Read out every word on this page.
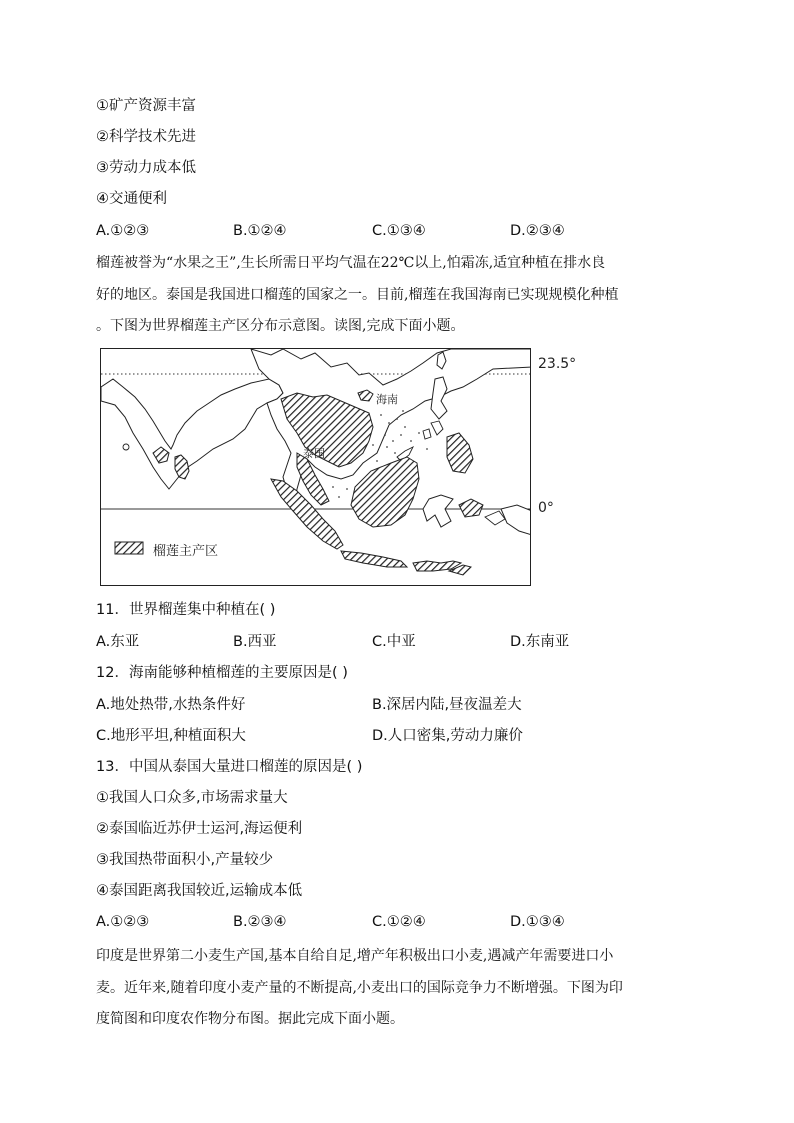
①矿产资源丰富
②科学技术先进
③劳动力成本低
④交通便利
A.①②③	B.①②④	C.①③④	D.②③④
榴莲被誉为“水果之王”,生长所需日平均气温在22℃以上,怕霜冻,适宜种植在排水良
好的地区。泰国是我国进口榴莲的国家之一。目前,榴莲在我国海南已实现规模化种植
。下图为世界榴莲主产区分布示意图。读图,完成下面小题。
榴莲主产区
海南
泰国
23.5°
0°
11．世界榴莲集中种植在( )
A.东亚	B.西亚	C.中亚	D.东南亚
12．海南能够种植榴莲的主要原因是( )
A.地处热带,水热条件好	B.深居内陆,昼夜温差大
C.地形平坦,种植面积大	D.人口密集,劳动力廉价
13．中国从泰国大量进口榴莲的原因是( )
①我国人口众多,市场需求量大
②泰国临近苏伊士运河,海运便利
③我国热带面积小,产量较少
④泰国距离我国较近,运输成本低
A.①②③	B.②③④	C.①②④	D.①③④
印度是世界第二小麦生产国,基本自给自足,增产年积极出口小麦,遇减产年需要进口小
麦。近年来,随着印度小麦产量的不断提高,小麦出口的国际竞争力不断增强。下图为印
度简图和印度农作物分布图。据此完成下面小题。
